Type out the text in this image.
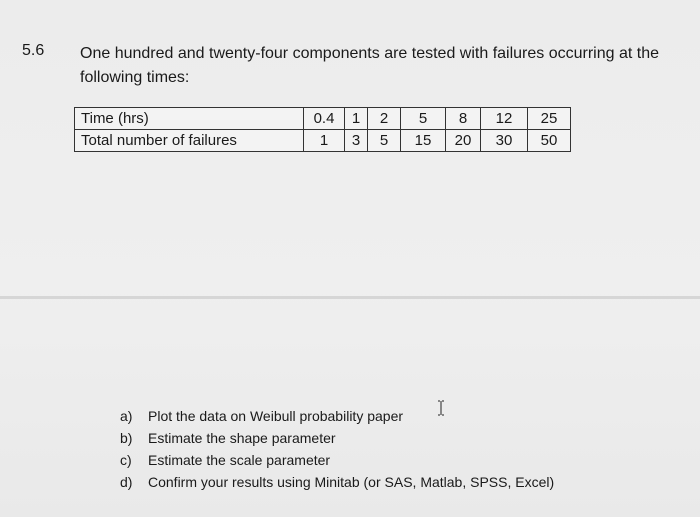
5.6 One hundred and twenty-four components are tested with failures occurring at the
following times:
Time (hrs)	0.4	1	2	5	8	12	25
Total number of failures	1	3	5	15	20	30	50
a) Plot the data on Weibull probability paper
b) Estimate the shape parameter
c) Estimate the scale parameter
d) Confirm your results using Minitab (or SAS, Matlab, SPSS, Excel)
